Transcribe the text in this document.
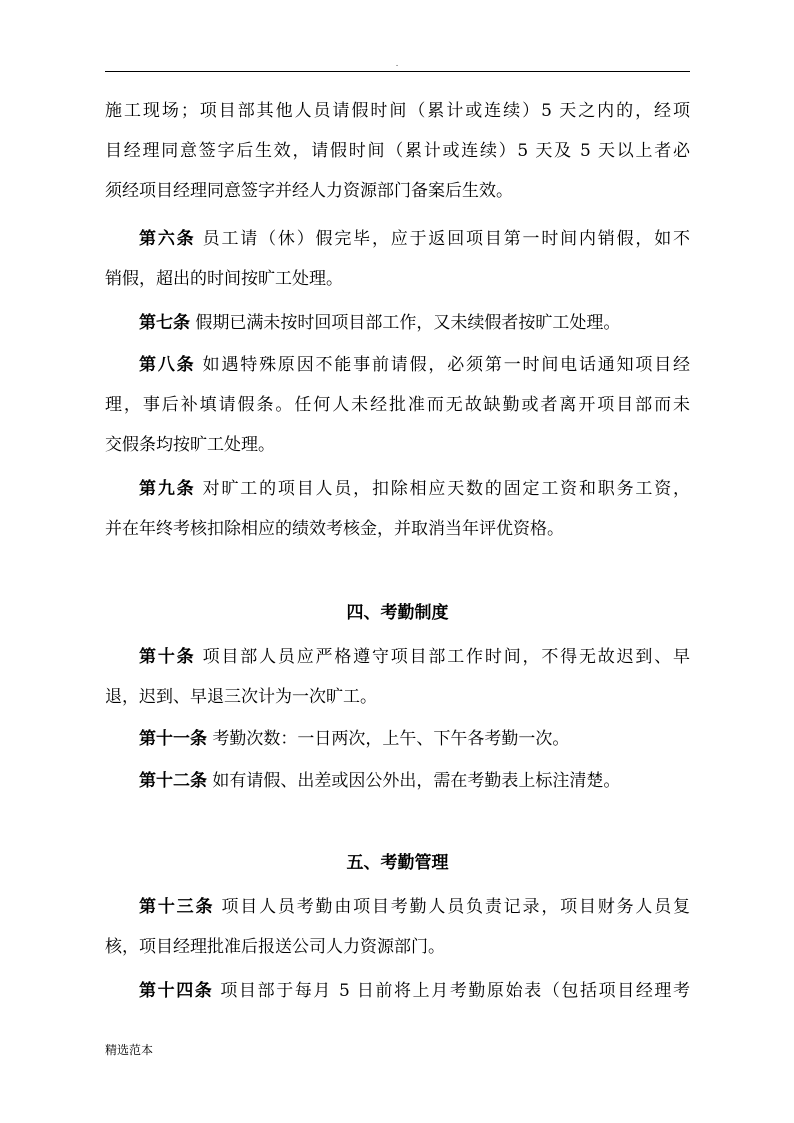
.
施工现场；项目部其他人员请假时间（累计或连续）5 天之内的，经项
目经理同意签字后生效，请假时间（累计或连续）5 天及 5 天以上者必
须经项目经理同意签字并经人力资源部门备案后生效。
第六条 员工请（休）假完毕，应于返回项目第一时间内销假，如不
销假，超出的时间按旷工处理。
第七条 假期已满未按时回项目部工作，又未续假者按旷工处理。
第八条 如遇特殊原因不能事前请假，必须第一时间电话通知项目经
理，事后补填请假条。任何人未经批准而无故缺勤或者离开项目部而未
交假条均按旷工处理。
第九条 对旷工的项目人员，扣除相应天数的固定工资和职务工资，
并在年终考核扣除相应的绩效考核金，并取消当年评优资格。
四、考勤制度
第十条 项目部人员应严格遵守项目部工作时间，不得无故迟到、早
退，迟到、早退三次计为一次旷工。
第十一条 考勤次数：一日两次，上午、下午各考勤一次。
第十二条 如有请假、出差或因公外出，需在考勤表上标注清楚。
五、考勤管理
第十三条 项目人员考勤由项目考勤人员负责记录，项目财务人员复
核，项目经理批准后报送公司人力资源部门。
第十四条 项目部于每月 5 日前将上月考勤原始表（包括项目经理考
精选范本
